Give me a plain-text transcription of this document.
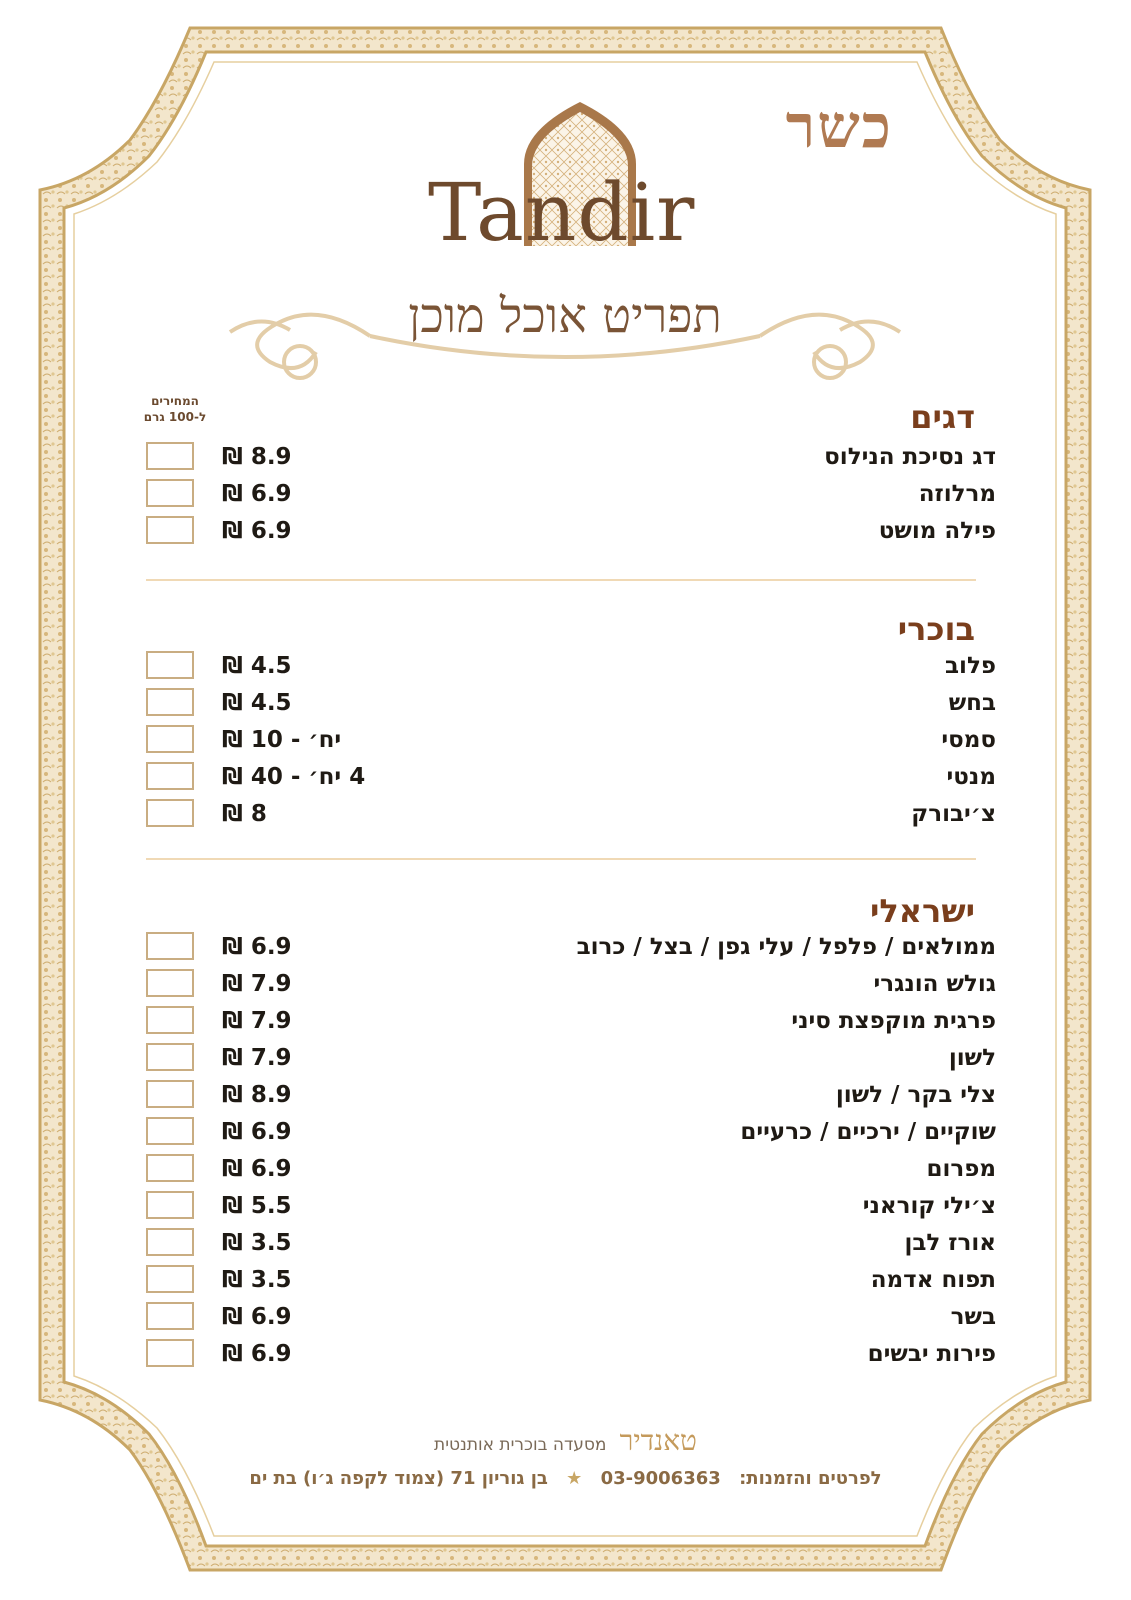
כשר
Tandir
תפריט אוכל מוכן
המחירים
ל-100 גרם	דגים
8.9 ₪	דג נסיכת הנילוס
6.9 ₪	מרלוזה
6.9 ₪	פילה מושט
בוכרי
4.5 ₪	פלוב
4.5 ₪	בחש
יח׳ - 10 ₪	סמסי
4 יח׳ - 40 ₪	מנטי
8 ₪	צ׳יבורק
ישראלי
6.9 ₪	ממולאים / פלפל / עלי גפן / בצל / כרוב
7.9 ₪	גולש הונגרי
7.9 ₪	פרגית מוקפצת סיני
7.9 ₪	לשון
8.9 ₪	צלי בקר / לשון
6.9 ₪	שוקיים / ירכיים / כרעיים
6.9 ₪	מפרום
5.5 ₪	צ׳ילי קוראני
3.5 ₪	אורז לבן
3.5 ₪	תפוח אדמה
6.9 ₪	בשר
6.9 ₪	פירות יבשים
טאנדיר מסעדה בוכרית אותנטית
לפרטים והזמנות: 03-9006363 ★ בן גוריון 71 (צמוד לקפה ג׳ו) בת ים
